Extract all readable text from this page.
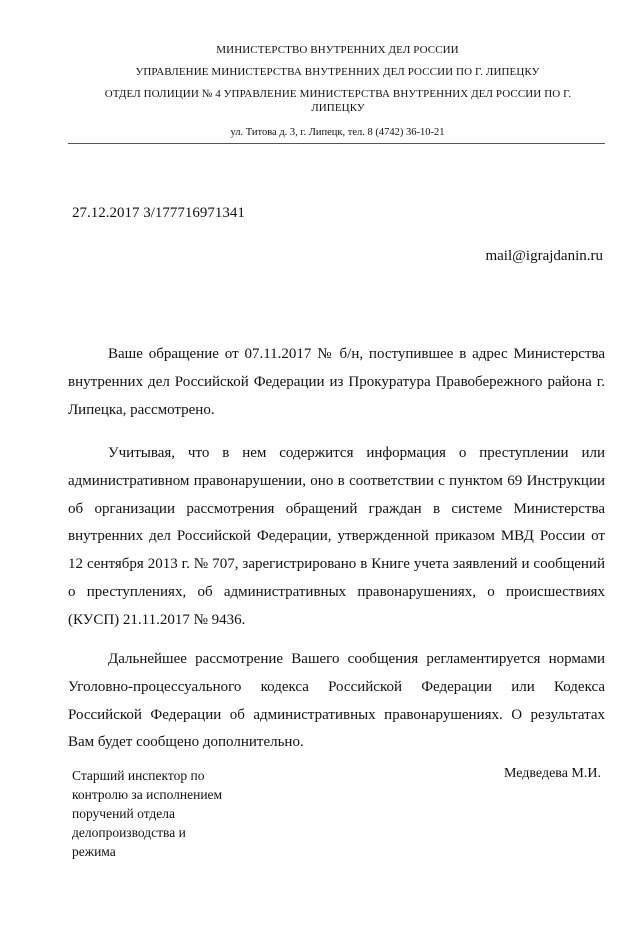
МИНИСТЕРСТВО ВНУТРЕННИХ ДЕЛ РОССИИ
УПРАВЛЕНИЕ МИНИСТЕРСТВА ВНУТРЕННИХ ДЕЛ РОССИИ ПО Г. ЛИПЕЦКУ
ОТДЕЛ ПОЛИЦИИ № 4 УПРАВЛЕНИЕ МИНИСТЕРСТВА ВНУТРЕННИХ ДЕЛ РОССИИ ПО Г. ЛИПЕЦКУ
ул. Титова д. 3, г. Липецк, тел. 8 (4742) 36-10-21
27.12.2017 3/177716971341
mail@igrajdanin.ru

Ваше обращение от 07.11.2017 № б/н, поступившее в адрес Министерства внутренних дел Российской Федерации из Прокуратура Правобережного района г. Липецка, рассмотрено.

Учитывая, что в нем содержится информация о преступлении или административном правонарушении, оно в соответствии с пунктом 69 Инструкции об организации рассмотрения обращений граждан в системе Министерства внутренних дел Российской Федерации, утвержденной приказом МВД России от 12 сентября 2013 г. № 707, зарегистрировано в Книге учета заявлений и сообщений о преступлениях, об административных правонарушениях, о происшествиях (КУСП) 21.11.2017 № 9436.

Дальнейшее рассмотрение Вашего сообщения регламентируется нормами Уголовно-процессуального кодекса Российской Федерации или Кодекса Российской Федерации об административных правонарушениях. О результатах Вам будет сообщено дополнительно.

Старший инспектор по контролю за исполнением поручений отдела делопроизводства и режима
Медведева М.И.
